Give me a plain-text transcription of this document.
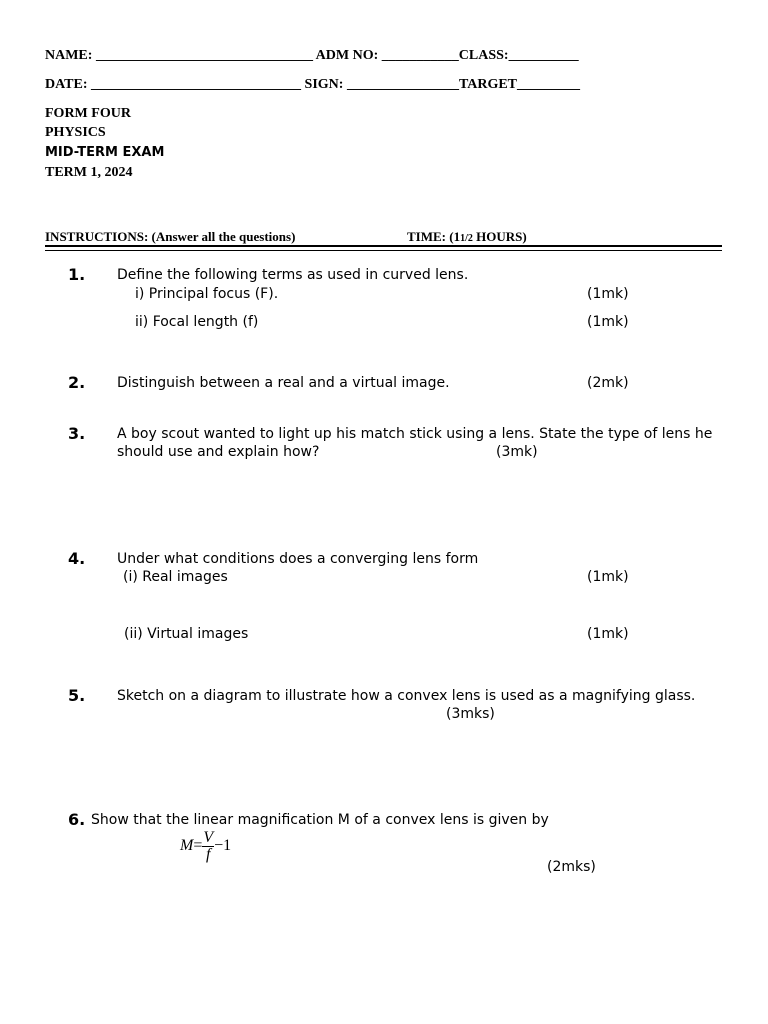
NAME: _______________________________ ADM NO: ___________CLASS:__________
DATE: ______________________________ SIGN: ________________TARGET_________
FORM FOUR
PHYSICS
MID-TERM EXAM
TERM 1, 2024
INSTRUCTIONS: (Answer all the questions)	TIME: (11/2 HOURS)
1. Define the following terms as used in curved lens.
i) Principal focus (F).	(1mk)
ii) Focal length (f)	(1mk)
2. Distinguish between a real and a virtual image.	(2mk)
3. A boy scout wanted to light up his match stick using a lens. State the type of lens he
should use and explain how?	(3mk)
4. Under what conditions does a converging lens form
(i) Real images	(1mk)
(ii) Virtual images	(1mk)
5. Sketch on a diagram to illustrate how a convex lens is used as a magnifying glass.
(3mks)
6. Show that the linear magnification M of a convex lens is given by
$M= \frac{V}{f} -1$
(2mks)
